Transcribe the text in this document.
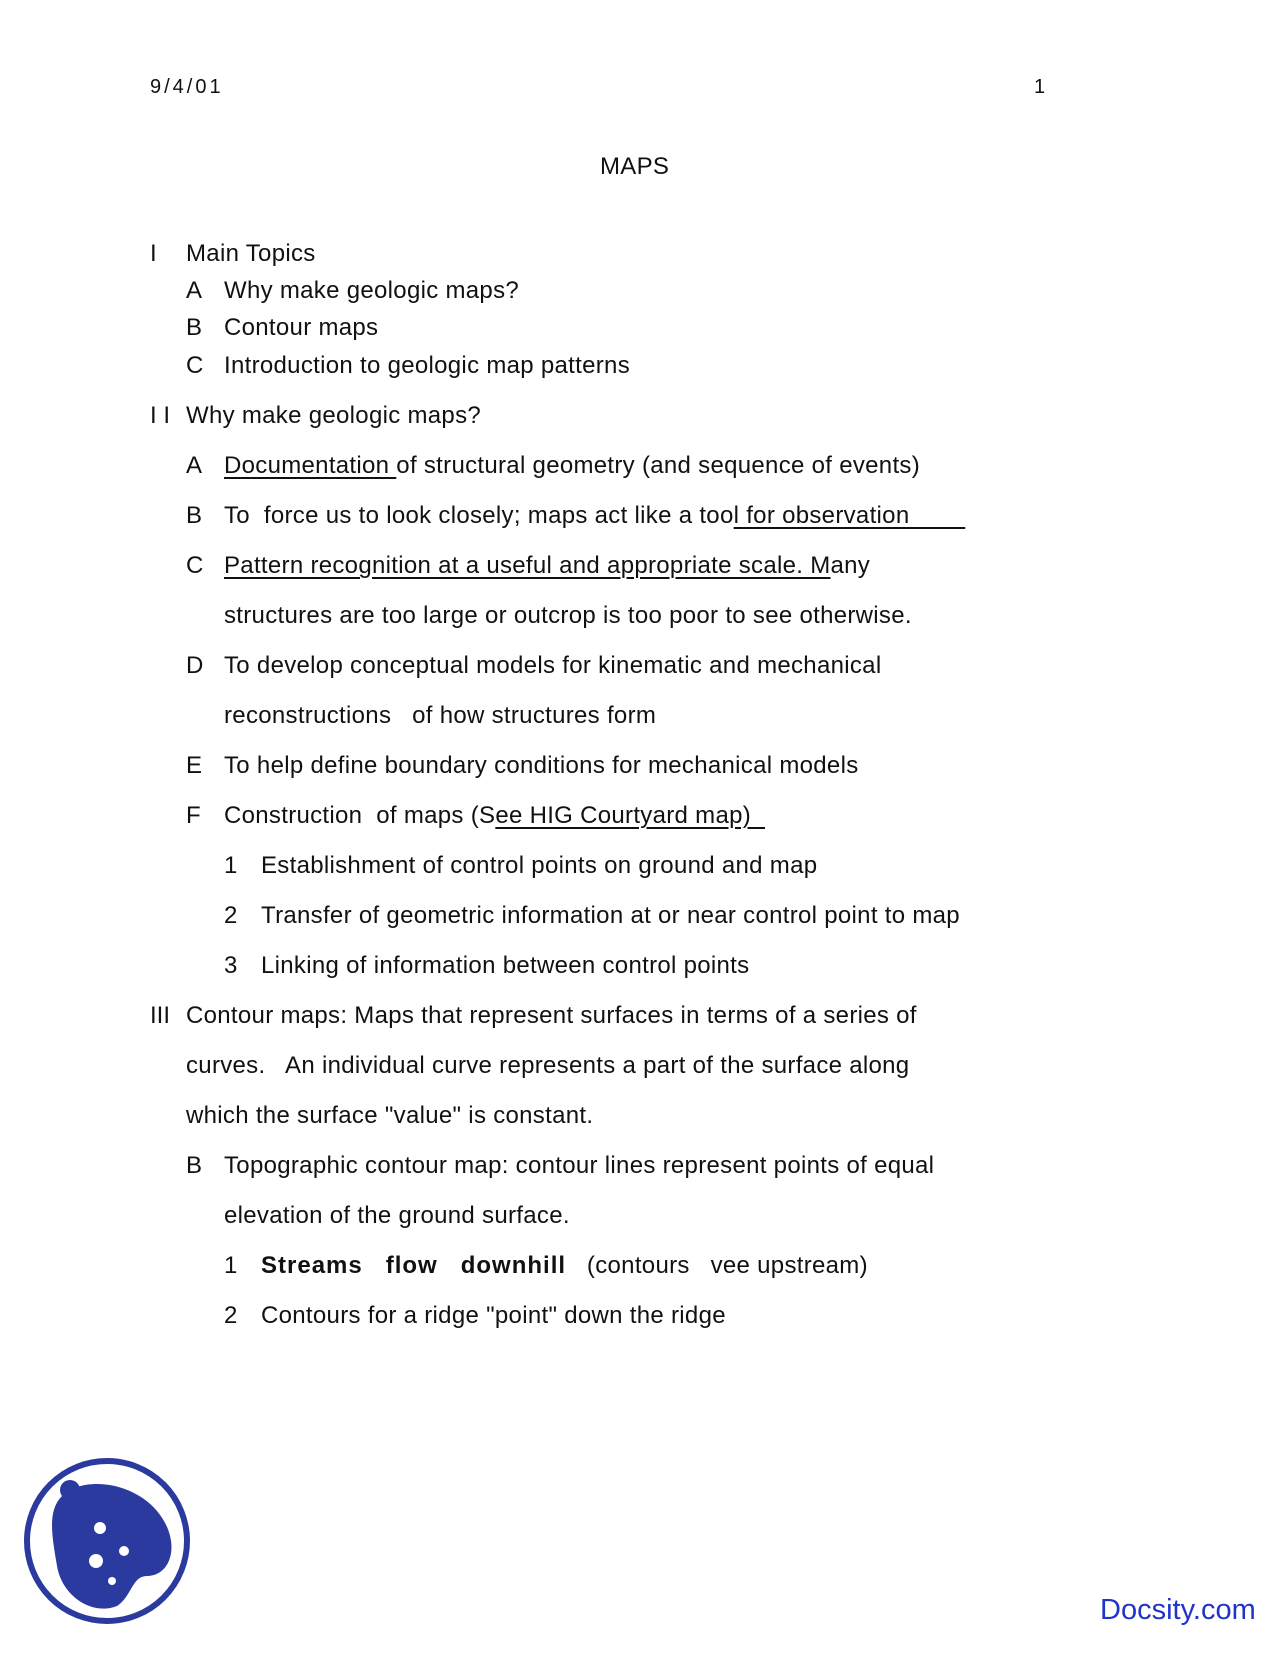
9/4/01	1
MAPS
I Main Topics
A Why make geologic maps?
B Contour maps
C Introduction to geologic map patterns
I I Why make geologic maps?
A Documentation of structural geometry (and sequence of events)
B To  force us to look closely; maps act like a tool for observation
C Pattern recognition at a useful and appropriate scale. Many
structures are too large or outcrop is too poor to see otherwise.
D To develop conceptual models for kinematic and mechanical
reconstructions   of how structures form
E To help define boundary conditions for mechanical models
F Construction  of maps (See HIG Courtyard map)
1 Establishment of control points on ground and map
2 Transfer of geometric information at or near control point to map
3 Linking of information between control points
III Contour maps: Maps that represent surfaces in terms of a series of
curves.   An individual curve represents a part of the surface along
which the surface "value" is constant.
B Topographic contour map: contour lines represent points of equal
elevation of the ground surface.
1 Streams   flow   downhill   (contours   vee upstream)
2 Contours for a ridge "point" down the ridge
Docsity.com
